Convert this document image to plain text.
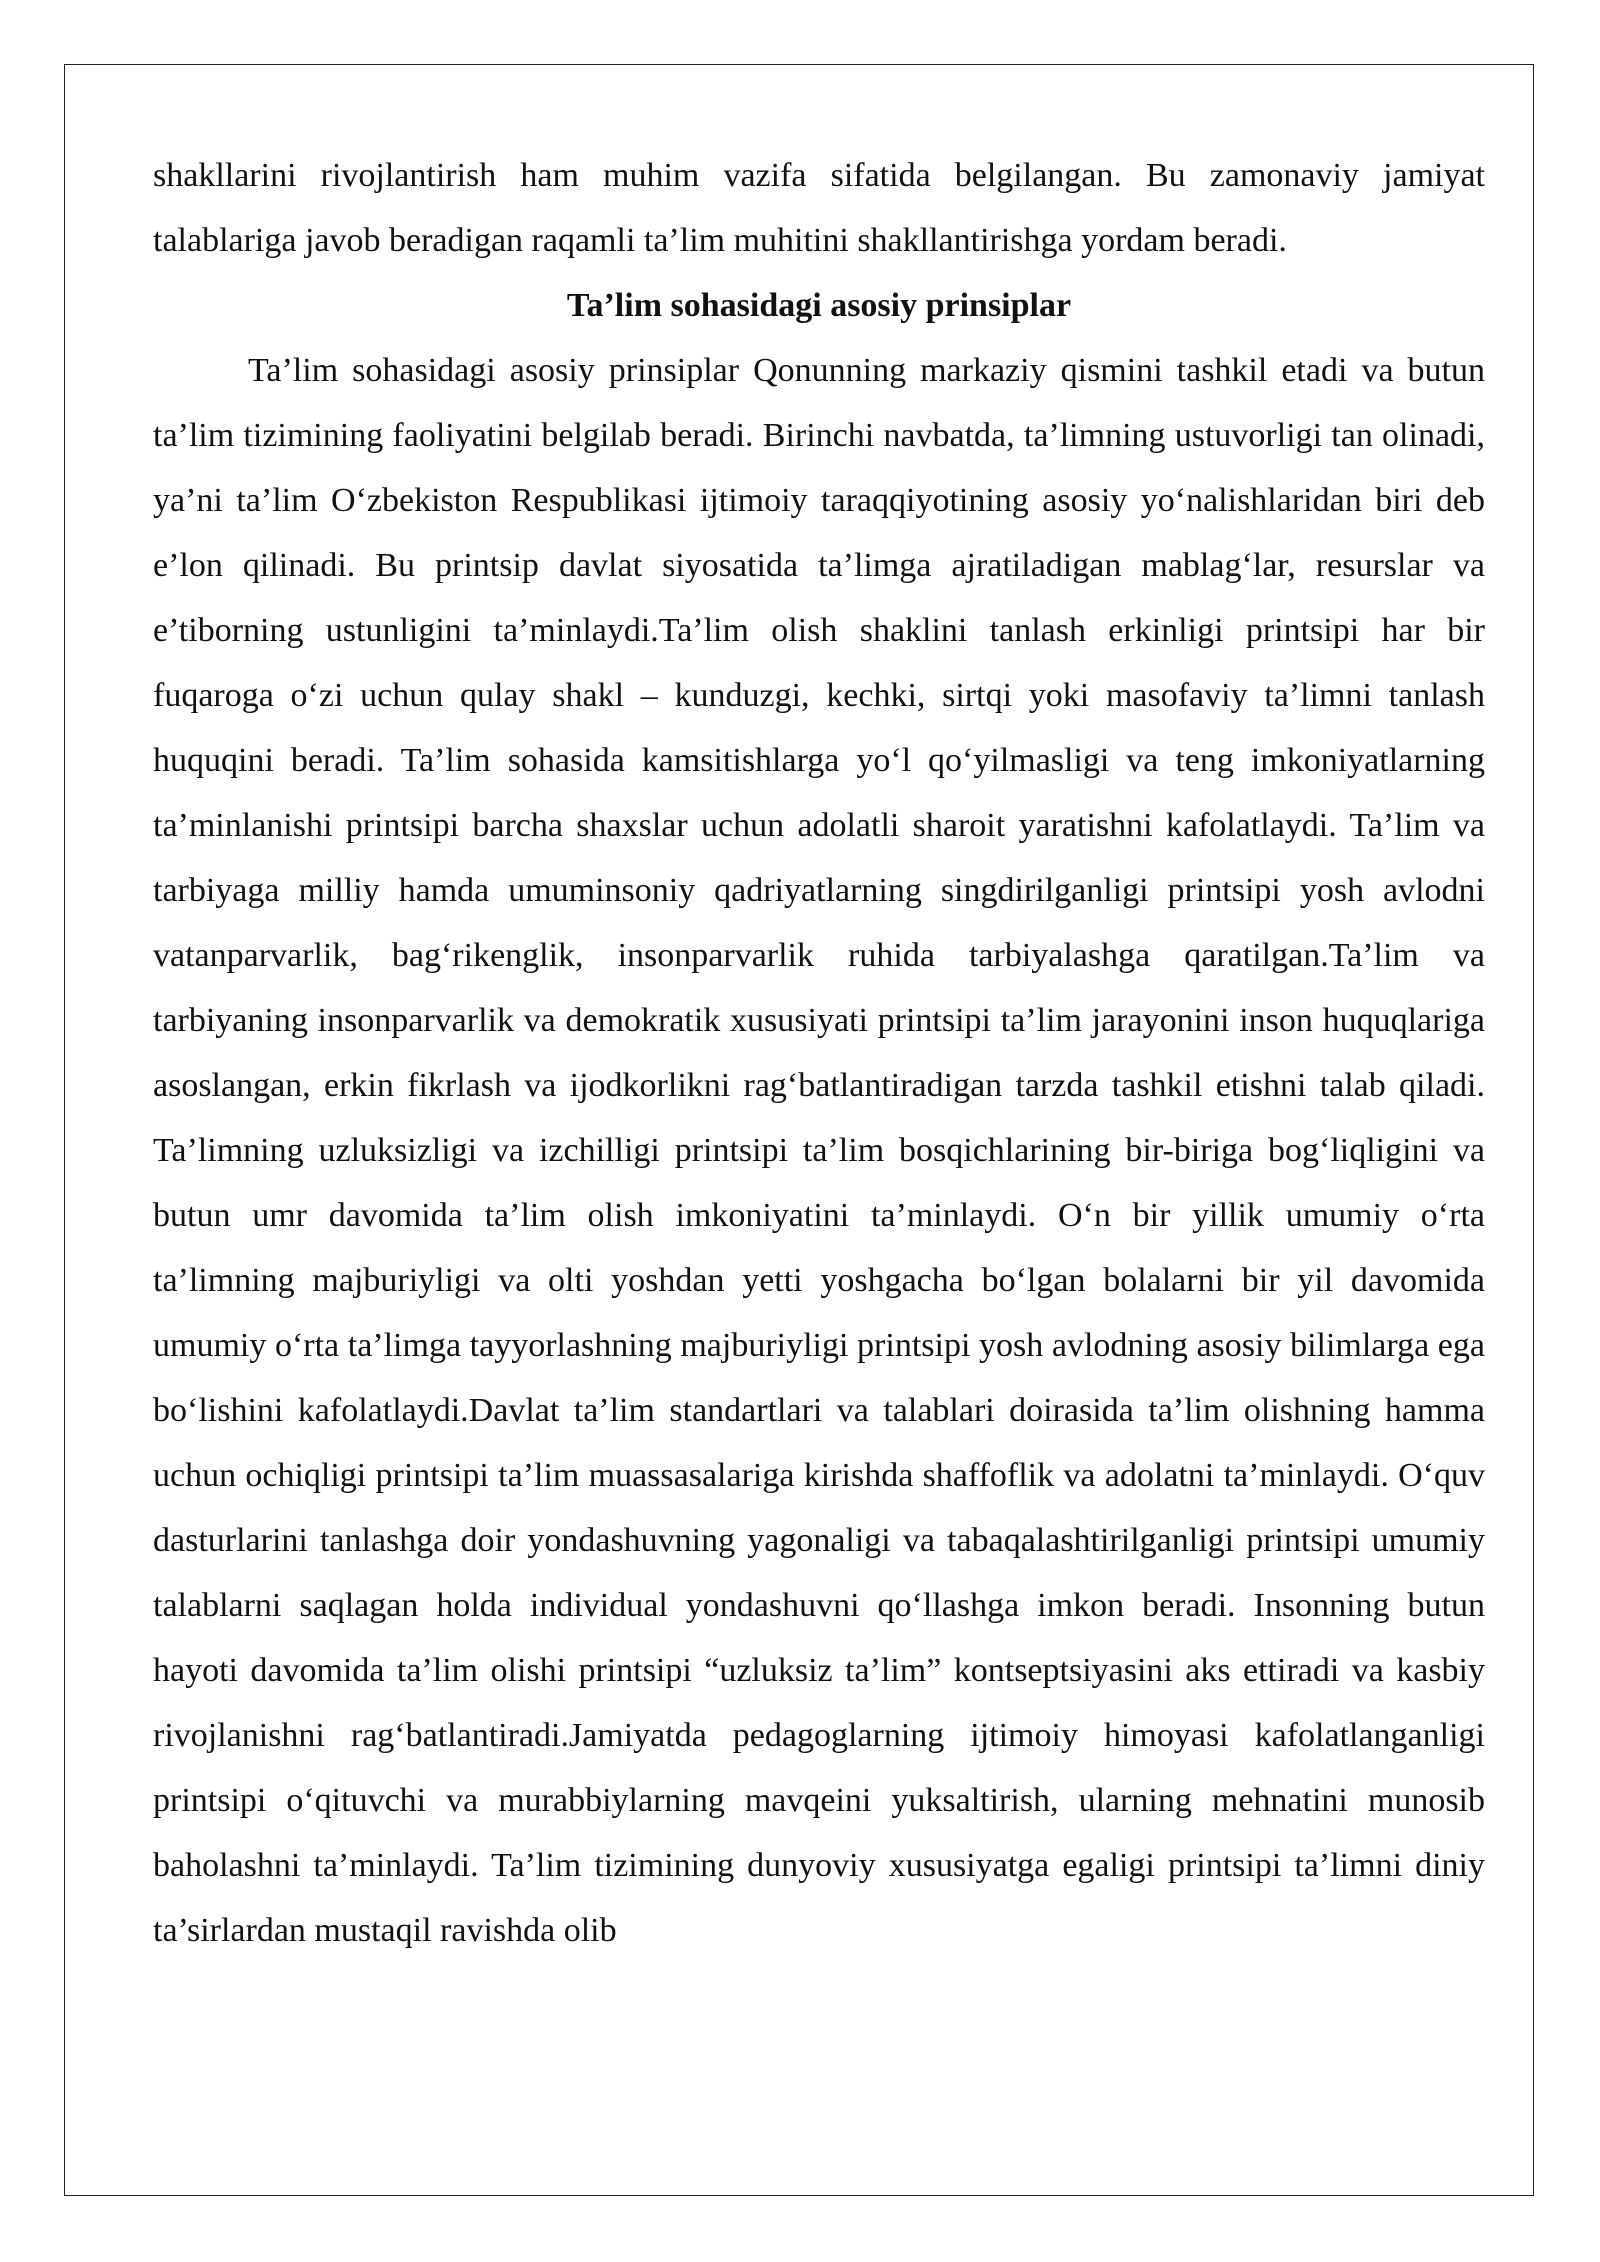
shakllarini rivojlantirish ham muhim vazifa sifatida belgilangan. Bu zamonaviy jamiyat talablariga javob beradigan raqamli ta’lim muhitini shakllantirishga yordam beradi.

Ta’lim sohasidagi asosiy prinsiplar

Ta’lim sohasidagi asosiy prinsiplar Qonunning markaziy qismini tashkil etadi va butun ta’lim tizimining faoliyatini belgilab beradi. Birinchi navbatda, ta’limning ustuvorligi tan olinadi, ya’ni ta’lim O‘zbekiston Respublikasi ijtimoiy taraqqiyotining asosiy yo‘nalishlaridan biri deb e’lon qilinadi. Bu printsip davlat siyosatida ta’limga ajratiladigan mablag‘lar, resurslar va e’tiborning ustunligini ta’minlaydi.Ta’lim olish shaklini tanlash erkinligi printsipi har bir fuqaroga o‘zi uchun qulay shakl – kunduzgi, kechki, sirtqi yoki masofaviy ta’limni tanlash huquqini beradi. Ta’lim sohasida kamsitishlarga yo‘l qo‘yilmasligi va teng imkoniyatlarning ta’minlanishi printsipi barcha shaxslar uchun adolatli sharoit yaratishni kafolatlaydi. Ta’lim va tarbiyaga milliy hamda umuminsoniy qadriyatlarning singdirilganligi printsipi yosh avlodni vatanparvarlik, bag‘rikenglik, insonparvarlik ruhida tarbiyalashga qaratilgan.Ta’lim va tarbiyaning insonparvarlik va demokratik xususiyati printsipi ta’lim jarayonini inson huquqlariga asoslangan, erkin fikrlash va ijodkorlikni rag‘batlantiradigan tarzda tashkil etishni talab qiladi. Ta’limning uzluksizligi va izchilligi printsipi ta’lim bosqichlarining bir-biriga bog‘liqligini va butun umr davomida ta’lim olish imkoniyatini ta’minlaydi. O‘n bir yillik umumiy o‘rta ta’limning majburiyligi va olti yoshdan yetti yoshgacha bo‘lgan bolalarni bir yil davomida umumiy o‘rta ta’limga tayyorlashning majburiyligi printsipi yosh avlodning asosiy bilimlarga ega bo‘lishini kafolatlaydi.Davlat ta’lim standartlari va talablari doirasida ta’lim olishning hamma uchun ochiqligi printsipi ta’lim muassasalariga kirishda shaffoflik va adolatni ta’minlaydi. O‘quv dasturlarini tanlashga doir yondashuvning yagonaligi va tabaqalashtirilganligi printsipi umumiy talablarni saqlagan holda individual yondashuvni qo‘llashga imkon beradi. Insonning butun hayoti davomida ta’lim olishi printsipi “uzluksiz ta’lim” kontseptsiyasini aks ettiradi va kasbiy rivojlanishni rag‘batlantiradi.Jamiyatda pedagoglarning ijtimoiy himoyasi kafolatlanganligi printsipi o‘qituvchi va murabbiylarning mavqeini yuksaltirish, ularning mehnatini munosib baholashni ta’minlaydi. Ta’lim tizimining dunyoviy xususiyatga egaligi printsipi ta’limni diniy ta’sirlardan mustaqil ravishda olib
